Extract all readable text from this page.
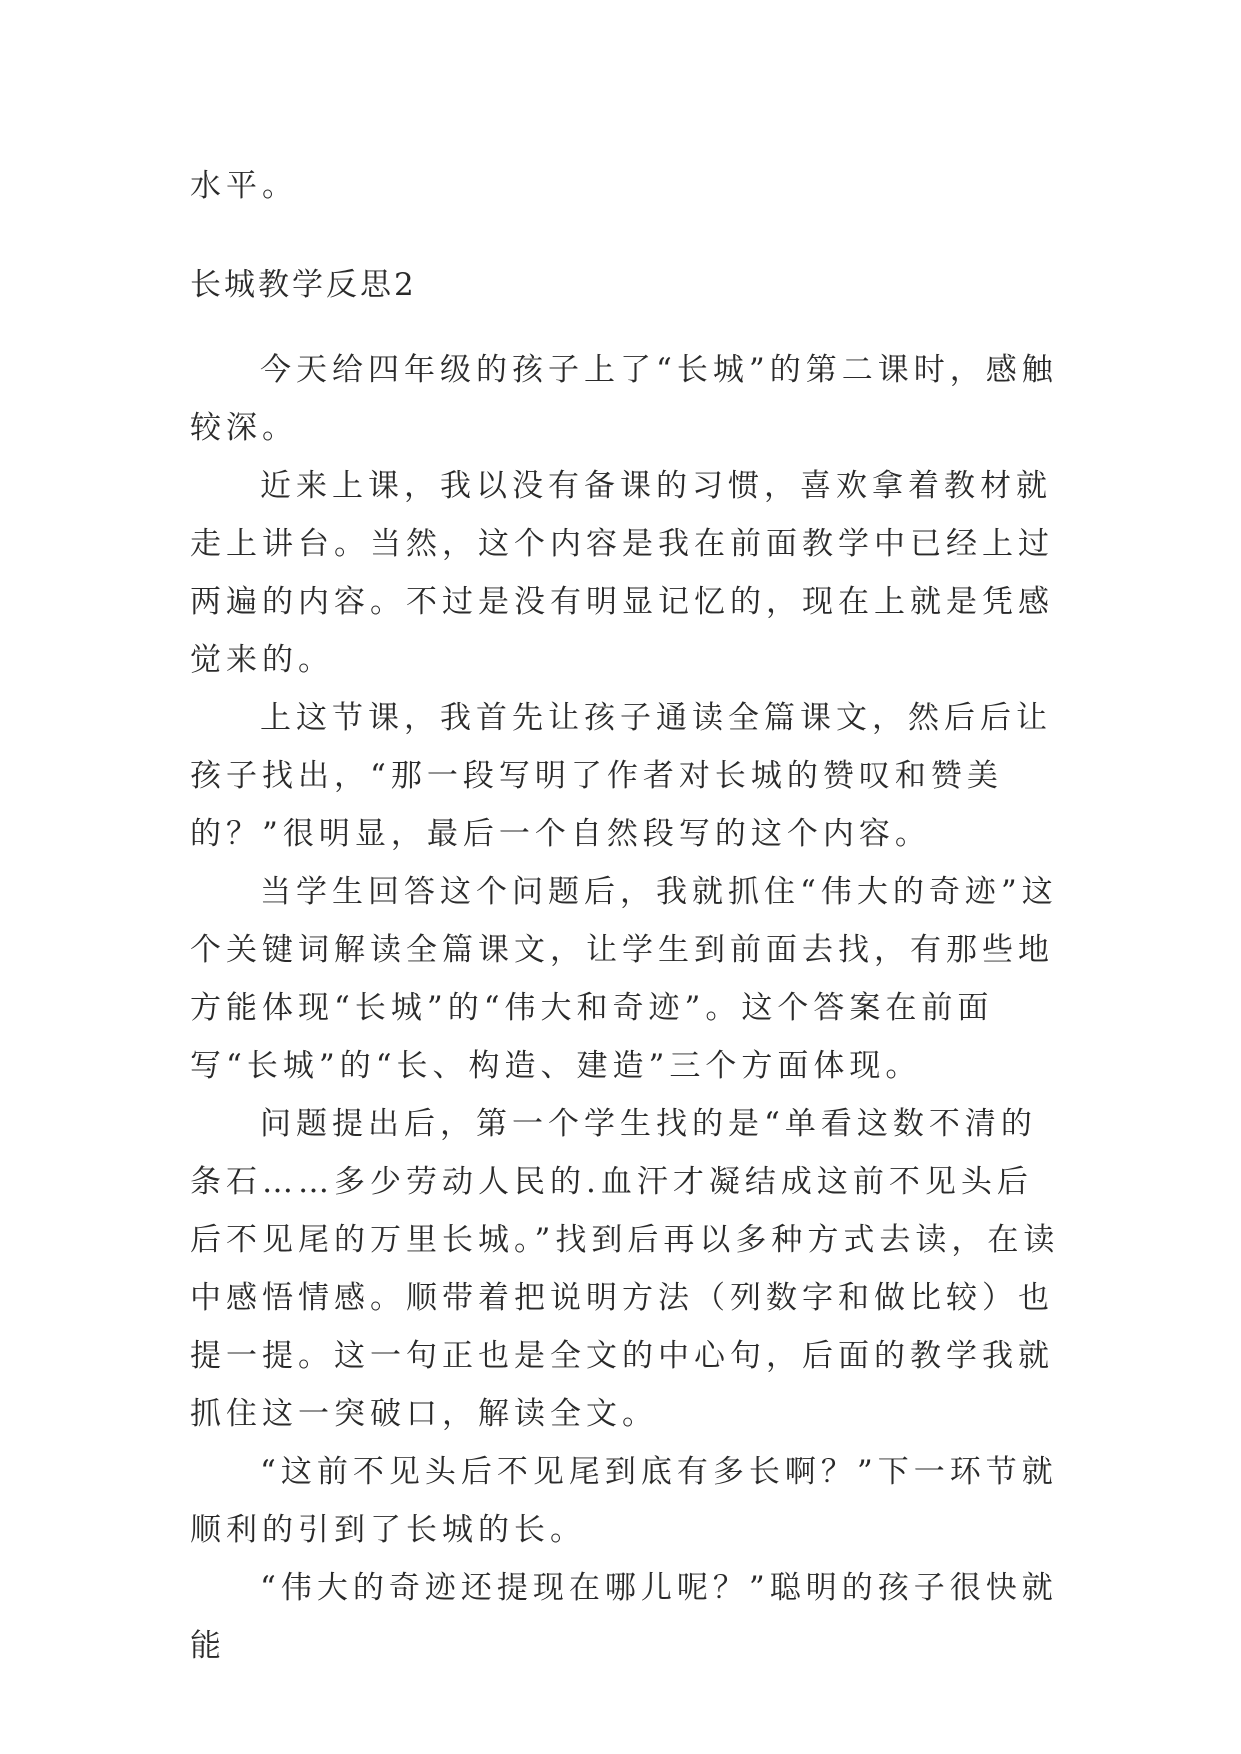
水平。

长城教学反思2

今天给四年级的孩子上了“长城”的第二课时，感触较深。

近来上课，我以没有备课的习惯，喜欢拿着教材就走上讲台。当然，这个内容是我在前面教学中已经上过两遍的内容。不过是没有明显记忆的，现在上就是凭感觉来的。

上这节课，我首先让孩子通读全篇课文，然后后让孩子找出，“那一段写明了作者对长城的赞叹和赞美的？”很明显，最后一个自然段写的这个内容。

当学生回答这个问题后，我就抓住“伟大的奇迹”这个关键词解读全篇课文，让学生到前面去找，有那些地方能体现“长城”的“伟大和奇迹”。这个答案在前面写“长城”的“长、构造、建造”三个方面体现。

问题提出后，第一个学生找的是“单看这数不清的条石……多少劳动人民的.血汗才凝结成这前不见头后后不见尾的万里长城。”找到后再以多种方式去读，在读中感悟情感。顺带着把说明方法（列数字和做比较）也提一提。这一句正也是全文的中心句，后面的教学我就抓住这一突破口，解读全文。

“这前不见头后不见尾到底有多长啊？”下一环节就顺利的引到了长城的长。

“伟大的奇迹还提现在哪儿呢？”聪明的孩子很快就能
